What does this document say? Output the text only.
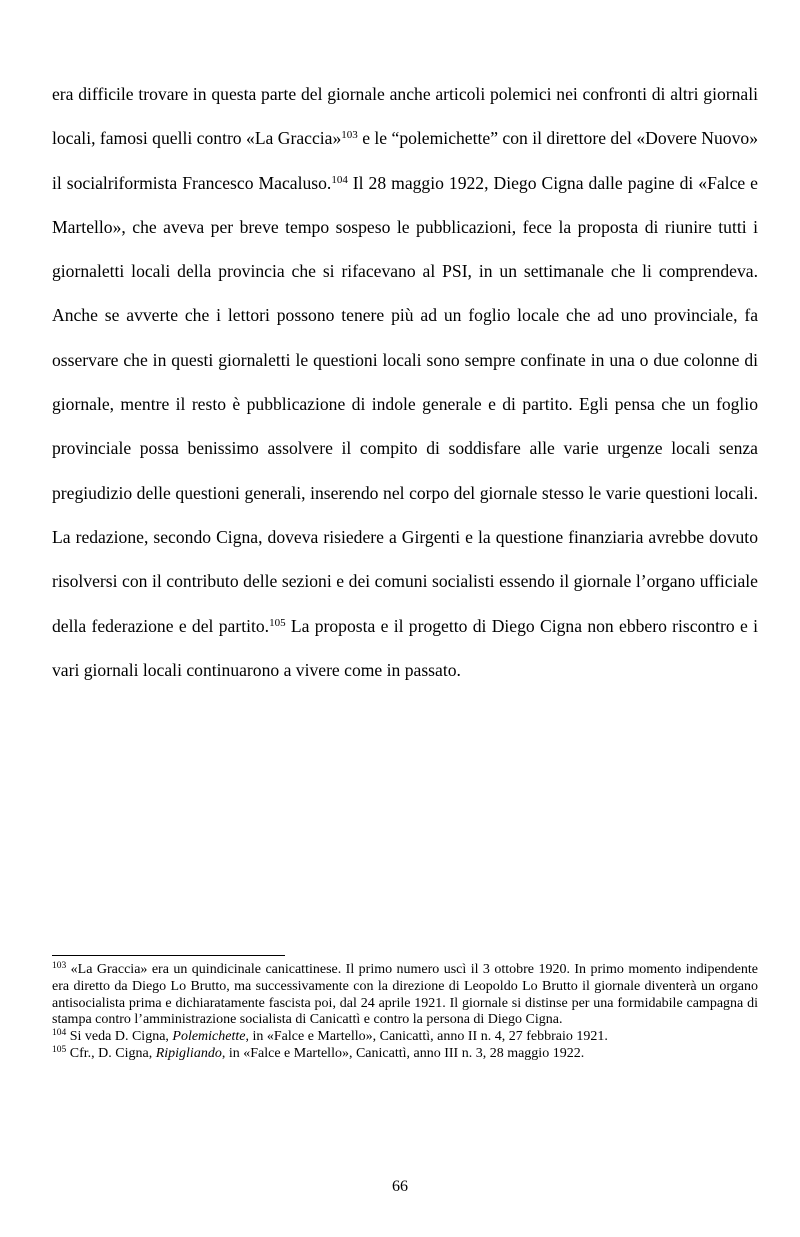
era difficile trovare in questa parte del giornale anche articoli polemici nei confronti di altri giornali locali, famosi quelli contro «La Graccia»$^{103}$ e le “polemichette” con il direttore del «Dovere Nuovo» il socialriformista Francesco Macaluso.$^{104}$ Il 28 maggio 1922, Diego Cigna dalle pagine di «Falce e Martello», che aveva per breve tempo sospeso le pubblicazioni, fece la proposta di riunire tutti i giornaletti locali della provincia che si rifacevano al PSI, in un settimanale che li comprendeva. Anche se avverte che i lettori possono tenere più ad un foglio locale che ad uno provinciale, fa osservare che in questi giornaletti le questioni locali sono sempre confinate in una o due colonne di giornale, mentre il resto è pubblicazione di indole generale e di partito. Egli pensa che un foglio provinciale possa benissimo assolvere il compito di soddisfare alle varie urgenze locali senza pregiudizio delle questioni generali, inserendo nel corpo del giornale stesso le varie questioni locali. La redazione, secondo Cigna, doveva risiedere a Girgenti e la questione finanziaria avrebbe dovuto risolversi con il contributo delle sezioni e dei comuni socialisti essendo il giornale l’organo ufficiale della federazione e del partito.$^{105}$ La proposta e il progetto di Diego Cigna non ebbero riscontro e i vari giornali locali continuarono a vivere come in passato.

$^{103}$ «La Graccia» era un quindicinale canicattinese. Il primo numero uscì il 3 ottobre 1920. In primo momento indipendente era diretto da Diego Lo Brutto, ma successivamente con la direzione di Leopoldo Lo Brutto il giornale diventerà un organo antisocialista prima e dichiaratamente fascista poi, dal 24 aprile 1921. Il giornale si distinse per una formidabile campagna di stampa contro l’amministrazione socialista di Canicattì e contro la persona di Diego Cigna.

$^{104}$ Si veda D. Cigna, Polemichette, in «Falce e Martello», Canicattì, anno II n. 4, 27 febbraio 1921.

$^{105}$ Cfr., D. Cigna, Ripigliando, in «Falce e Martello», Canicattì, anno III n. 3, 28 maggio 1922.

66
